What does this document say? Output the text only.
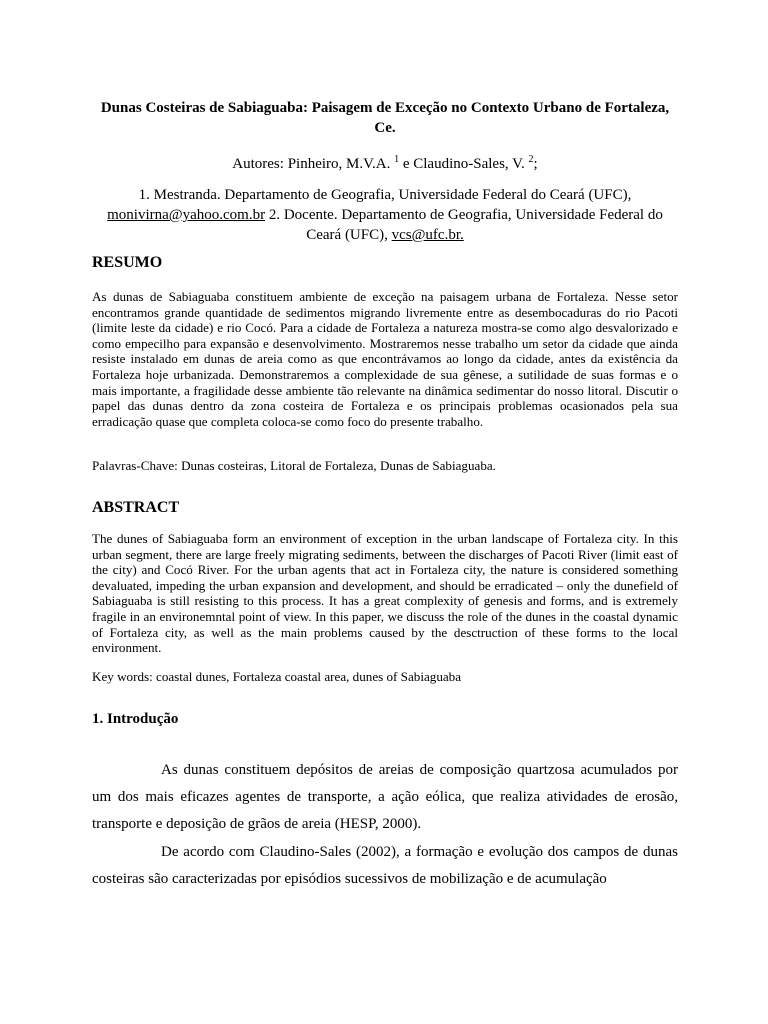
Dunas Costeiras de Sabiaguaba: Paisagem de Exceção no Contexto Urbano de Fortaleza, Ce.
Autores: Pinheiro, M.V.A. $^1$ e Claudino-Sales, V. $^2$;
1. Mestranda. Departamento de Geografia, Universidade Federal do Ceará (UFC), monivirna@yahoo.com.br 2. Docente. Departamento de Geografia, Universidade Federal do Ceará (UFC), vcs@ufc.br.
RESUMO
As dunas de Sabiaguaba constituem ambiente de exceção na paisagem urbana de Fortaleza. Nesse setor encontramos grande quantidade de sedimentos migrando livremente entre as desembocaduras do rio Pacoti (limite leste da cidade) e rio Cocó. Para a cidade de Fortaleza a natureza mostra-se como algo desvalorizado e como empecilho para expansão e desenvolvimento. Mostraremos nesse trabalho um setor da cidade que ainda resiste instalado em dunas de areia como as que encontrávamos ao longo da cidade, antes da existência da Fortaleza hoje urbanizada. Demonstraremos a complexidade de sua gênese, a sutilidade de suas formas e o mais importante, a fragilidade desse ambiente tão relevante na dinâmica sedimentar do nosso litoral. Discutir o papel das dunas dentro da zona costeira de Fortaleza e os principais problemas ocasionados pela sua erradicação quase que completa coloca-se como foco do presente trabalho.
Palavras-Chave: Dunas costeiras, Litoral de Fortaleza, Dunas de Sabiaguaba.
ABSTRACT
The dunes of Sabiaguaba form an environment of exception in the urban landscape of Fortaleza city. In this urban segment, there are large freely migrating sediments, between the discharges of Pacoti River (limit east of the city) and Cocó River. For the urban agents that act in Fortaleza city, the nature is considered something devaluated, impeding the urban expansion and development, and should be erradicated – only the dunefield of Sabiaguaba is still resisting to this process. It has a great complexity of genesis and forms, and is extremely fragile in an environemntal point of view. In this paper, we discuss the role of the dunes in the coastal dynamic of Fortaleza city, as well as the main problems caused by the desctruction of these forms to the local environment.
Key words: coastal dunes, Fortaleza coastal area, dunes of Sabiaguaba
1. Introdução
As dunas constituem depósitos de areias de composição quartzosa acumulados por um dos mais eficazes agentes de transporte, a ação eólica, que realiza atividades de erosão, transporte e deposição de grãos de areia (HESP, 2000).
De acordo com Claudino-Sales (2002), a formação e evolução dos campos de dunas costeiras são caracterizadas por episódios sucessivos de mobilização e de acumulação
